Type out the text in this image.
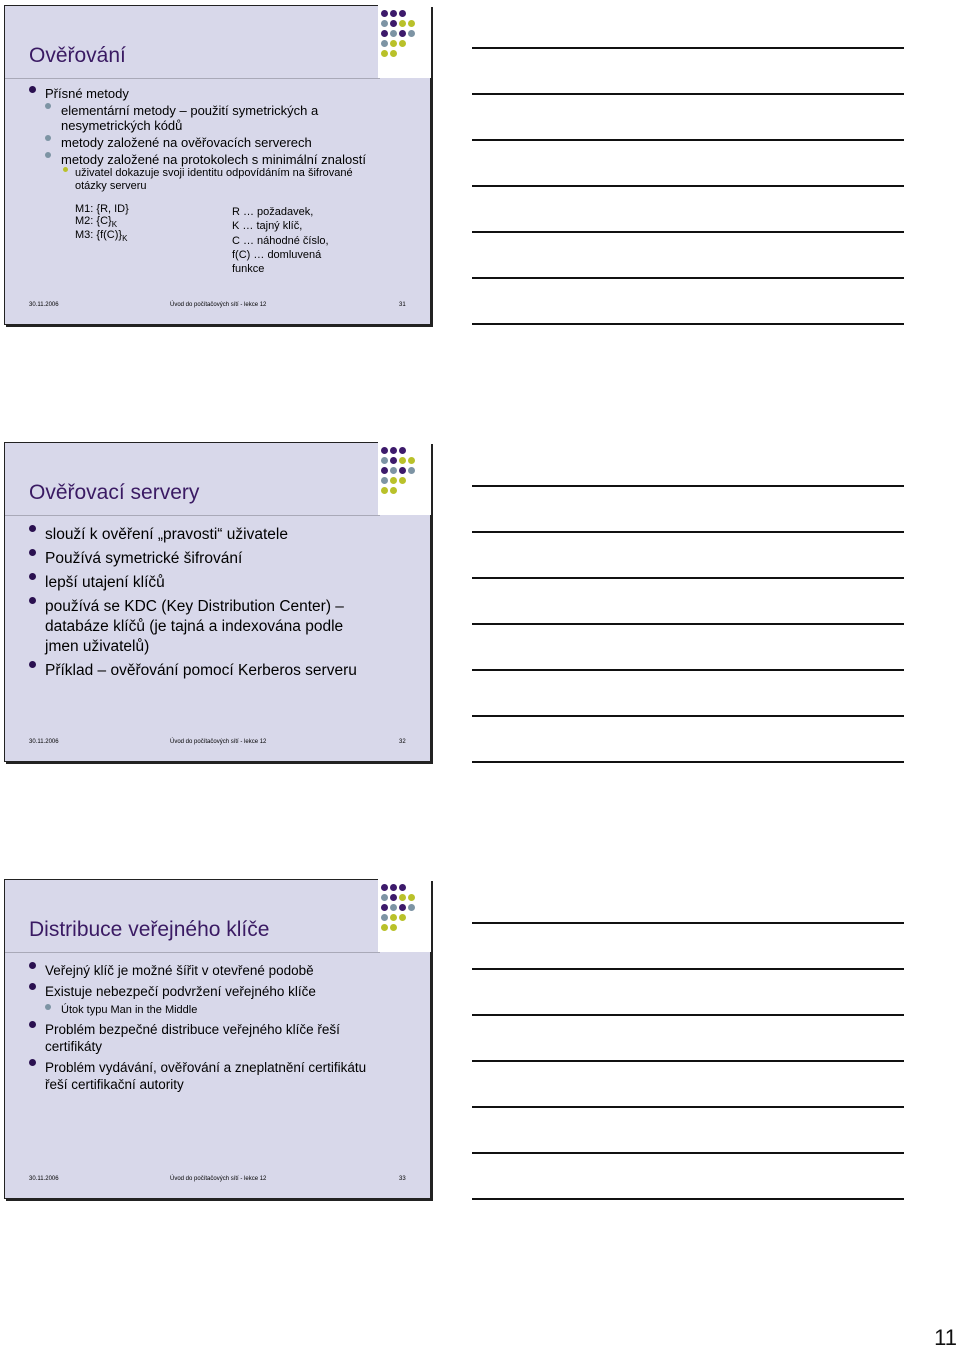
Ověřování
Přísné metody
elementární metody – použití symetrických a
nesymetrických kódů
metody založené na ověřovacích serverech
metody založené na protokolech s minimální znalostí
uživatel dokazuje svoji identitu odpovídáním na šifrované
otázky serveru
M1: {R, ID}
M2: $\{C\}_K$
M3: $\{f(C)\}_K$
R … požadavek,
K … tajný klíč,
C … náhodné číslo,
f(C) … domluvená
funkce
30.11.2006	Úvod do počítačových sítí - lekce 12	31
Ověřovací servery
slouží k ověření „pravosti“ uživatele
Používá symetrické šifrování
lepší utajení klíčů
používá se KDC (Key Distribution Center) –
databáze klíčů (je tajná a indexována podle
jmen uživatelů)
Příklad – ověřování pomocí Kerberos serveru
30.11.2006	Úvod do počítačových sítí - lekce 12	32
Distribuce veřejného klíče
Veřejný klíč je možné šířit v otevřené podobě
Existuje nebezpečí podvržení veřejného klíče
Útok typu Man in the Middle
Problém bezpečné distribuce veřejného klíče řeší
certifikáty
Problém vydávání, ověřování a zneplatnění certifikátu
řeší certifikační autority
30.11.2006	Úvod do počítačových sítí - lekce 12	33
11
